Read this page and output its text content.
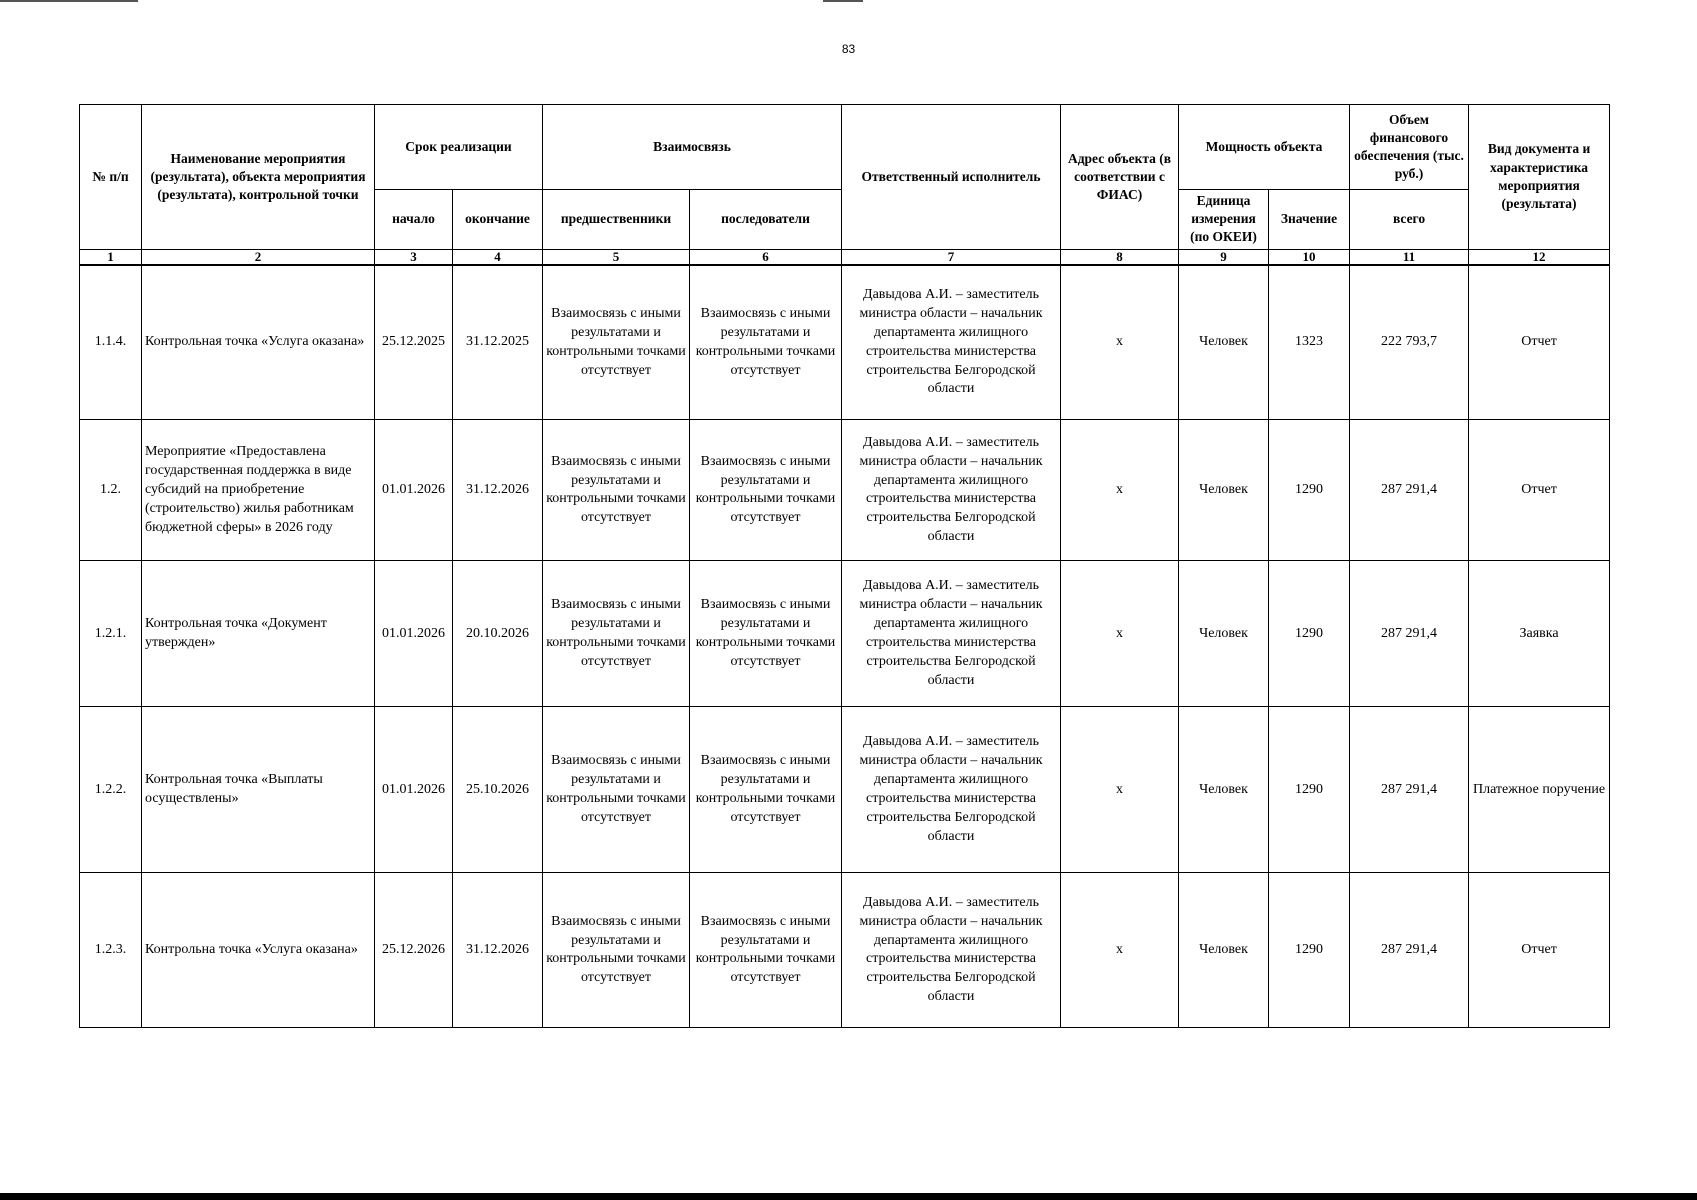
83
№ п/п	Наименование мероприятия (результата), объекта мероприятия (результата), контрольной точки	Срок реализации		Взаимосвязь		Ответственный исполнитель	Адрес объекта (в соответствии с ФИАС)	Мощность объекта		Объем финансового обеспечения (тыс. руб.)	Вид документа и характеристика мероприятия (результата)
		начало	окончание	предшественники	последователи			Единица измерения (по ОКЕИ)	Значение	всего	
1	2	3	4	5	6	7	8	9	10	11	12
1.1.4.	Контрольная точка «Услуга оказана»	25.12.2025	31.12.2025	Взаимосвязь с иными результатами и контрольными точками отсутствует	Взаимосвязь с иными результатами и контрольными точками отсутствует	Давыдова А.И. – заместитель министра области – начальник департамента жилищного строительства министерства строительства Белгородской области	х	Человек	1323	222 793,7	Отчет
1.2.	Мероприятие «Предоставлена государственная поддержка в виде субсидий на приобретение (строительство) жилья работникам бюджетной сферы» в 2026 году	01.01.2026	31.12.2026	Взаимосвязь с иными результатами и контрольными точками отсутствует	Взаимосвязь с иными результатами и контрольными точками отсутствует	Давыдова А.И. – заместитель министра области – начальник департамента жилищного строительства министерства строительства Белгородской области	х	Человек	1290	287 291,4	Отчет
1.2.1.	Контрольная точка «Документ утвержден»	01.01.2026	20.10.2026	Взаимосвязь с иными результатами и контрольными точками отсутствует	Взаимосвязь с иными результатами и контрольными точками отсутствует	Давыдова А.И. – заместитель министра области – начальник департамента жилищного строительства министерства строительства Белгородской области	х	Человек	1290	287 291,4	Заявка
1.2.2.	Контрольная точка «Выплаты осуществлены»	01.01.2026	25.10.2026	Взаимосвязь с иными результатами и контрольными точками отсутствует	Взаимосвязь с иными результатами и контрольными точками отсутствует	Давыдова А.И. – заместитель министра области – начальник департамента жилищного строительства министерства строительства Белгородской области	х	Человек	1290	287 291,4	Платежное поручение
1.2.3.	Контрольна точка «Услуга оказана»	25.12.2026	31.12.2026	Взаимосвязь с иными результатами и контрольными точками отсутствует	Взаимосвязь с иными результатами и контрольными точками отсутствует	Давыдова А.И. – заместитель министра области – начальник департамента жилищного строительства министерства строительства Белгородской области	х	Человек	1290	287 291,4	Отчет
